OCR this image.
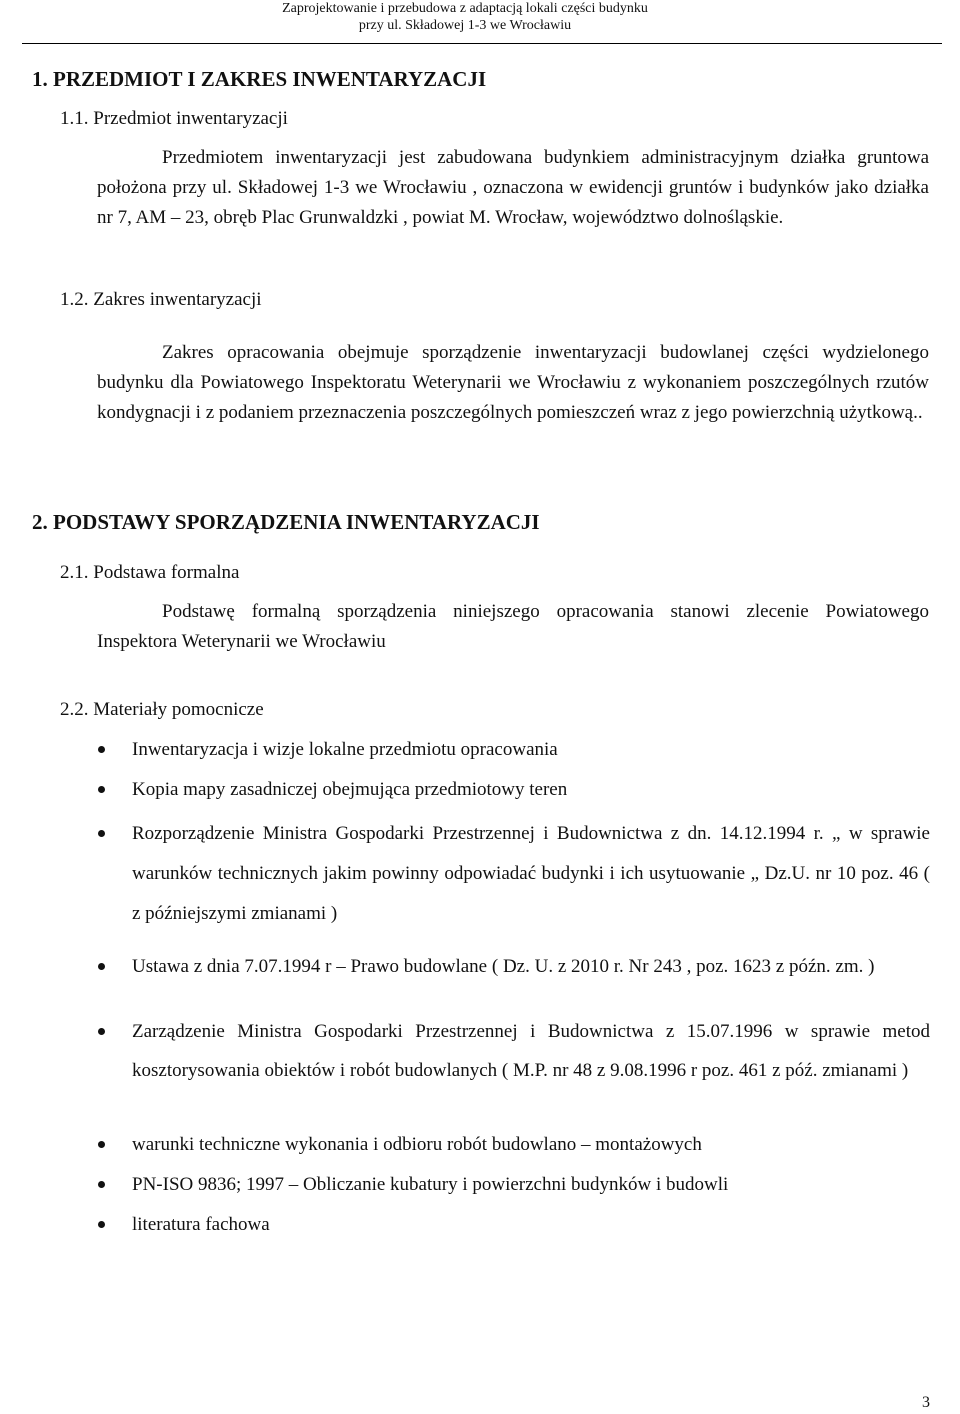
Zaprojektowanie i przebudowa z adaptacją lokali części budynku
przy ul. Składowej 1-3 we Wrocławiu
1. PRZEDMIOT I ZAKRES INWENTARYZACJI
1.1. Przedmiot inwentaryzacji
Przedmiotem inwentaryzacji jest zabudowana budynkiem administracyjnym działka gruntowa położona przy ul. Składowej 1-3 we Wrocławiu , oznaczona w ewidencji gruntów i budynków jako działka nr 7, AM – 23, obręb Plac Grunwaldzki , powiat M. Wrocław, województwo dolnośląskie.
1.2. Zakres inwentaryzacji
Zakres opracowania obejmuje sporządzenie inwentaryzacji budowlanej części wydzielonego budynku dla Powiatowego Inspektoratu Weterynarii we Wrocławiu z wykonaniem poszczególnych rzutów kondygnacji i z podaniem przeznaczenia poszczególnych pomieszczeń wraz z jego powierzchnią użytkową..
2. PODSTAWY SPORZĄDZENIA INWENTARYZACJI
2.1. Podstawa formalna
Podstawę formalną sporządzenia niniejszego opracowania stanowi zlecenie Powiatowego Inspektora Weterynarii we Wrocławiu
2.2. Materiały pomocnicze
Inwentaryzacja i wizje lokalne przedmiotu opracowania
Kopia mapy zasadniczej obejmująca przedmiotowy teren
Rozporządzenie Ministra Gospodarki Przestrzennej i Budownictwa z dn. 14.12.1994 r. „ w sprawie warunków technicznych jakim powinny odpowiadać budynki i ich usytuowanie „ Dz.U. nr 10 poz. 46 ( z późniejszymi zmianami )
Ustawa z dnia 7.07.1994 r – Prawo budowlane ( Dz. U. z 2010 r. Nr 243 , poz. 1623 z późn. zm. )
Zarządzenie Ministra Gospodarki Przestrzennej i Budownictwa z 15.07.1996 w sprawie metod kosztorysowania obiektów i robót budowlanych ( M.P. nr 48 z 9.08.1996 r poz. 461 z póź. zmianami )
warunki techniczne wykonania i odbioru robót budowlano – montażowych
PN-ISO 9836; 1997 – Obliczanie kubatury i powierzchni budynków i budowli
literatura fachowa
3
